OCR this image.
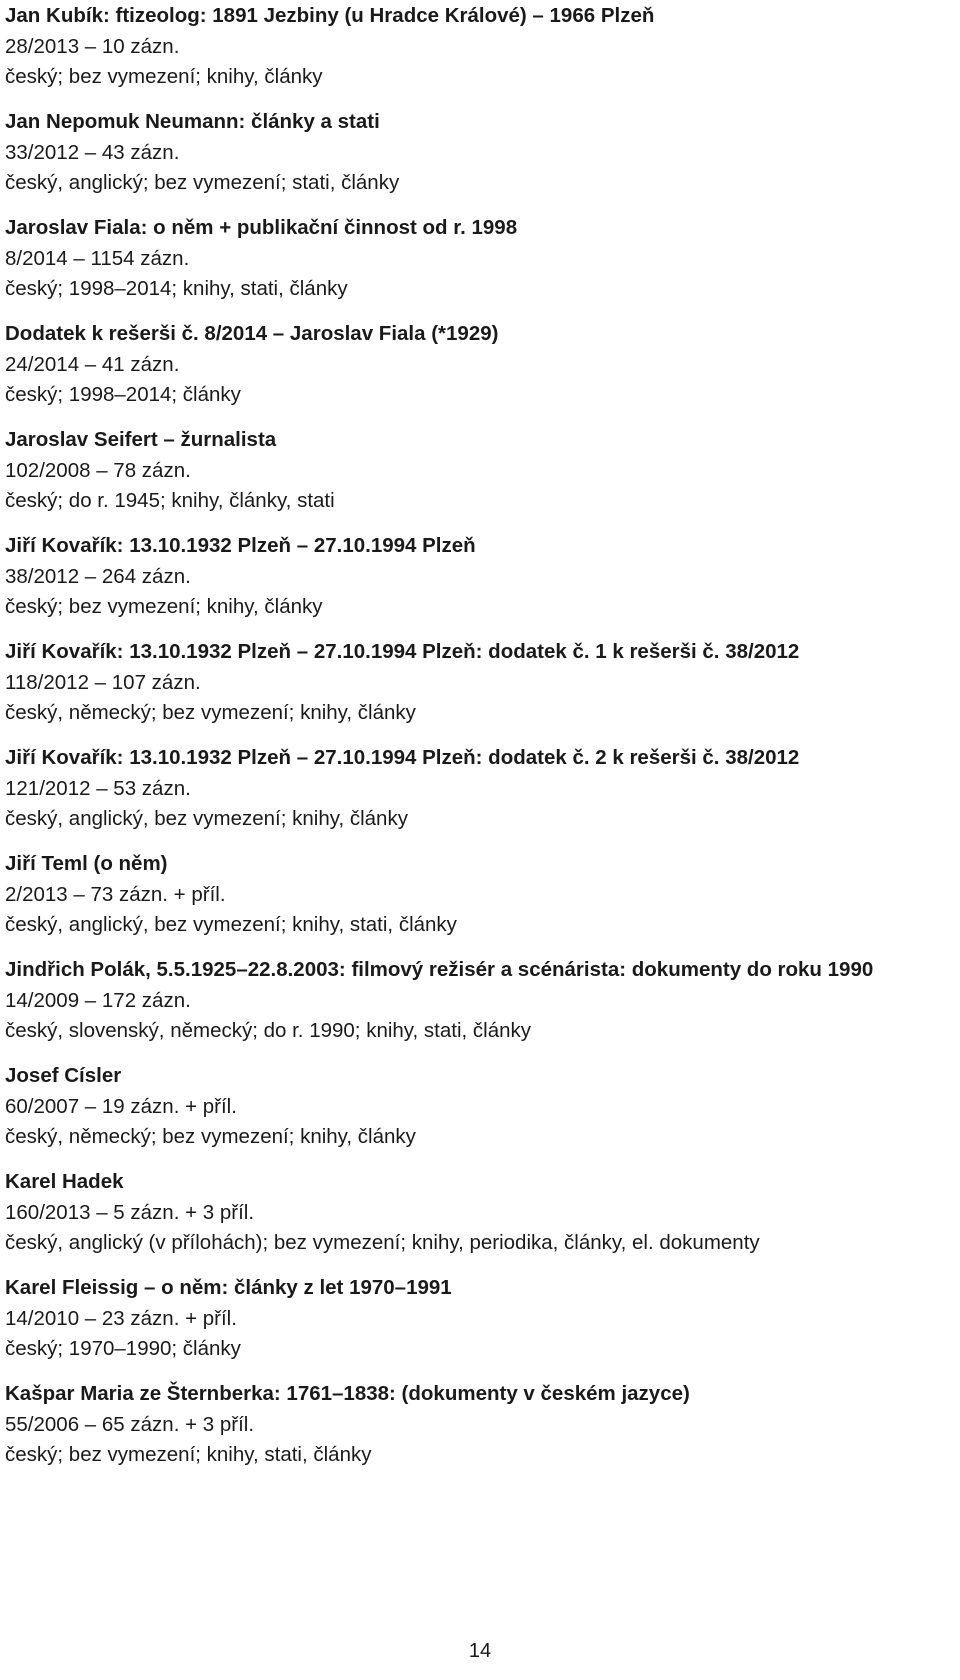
Jan Kubík: ftizeolog: 1891 Jezbiny (u Hradce Králové) – 1966 Plzeň

28/2013 – 10 zázn.

český; bez vymezení; knihy, články

Jan Nepomuk Neumann: články a stati

33/2012 – 43 zázn.

český, anglický; bez vymezení; stati, články

Jaroslav Fiala: o něm + publikační činnost od r. 1998

8/2014 – 1154 zázn.

český; 1998–2014; knihy, stati, články

Dodatek k rešerši č. 8/2014 – Jaroslav Fiala (*1929)

24/2014 – 41 zázn.

český; 1998–2014; články

Jaroslav Seifert – žurnalista

102/2008 – 78 zázn.

český; do r. 1945; knihy, články, stati

Jiří Kovařík: 13.10.1932 Plzeň – 27.10.1994 Plzeň

38/2012 – 264 zázn.

český; bez vymezení; knihy, články

Jiří Kovařík: 13.10.1932 Plzeň – 27.10.1994 Plzeň: dodatek č. 1 k rešerši č. 38/2012

118/2012 – 107 zázn.

český, německý; bez vymezení; knihy, články

Jiří Kovařík: 13.10.1932 Plzeň – 27.10.1994 Plzeň: dodatek č. 2 k rešerši č. 38/2012

121/2012 – 53 zázn.

český, anglický, bez vymezení; knihy, články

Jiří Teml (o něm)

2/2013 – 73 zázn. + příl.

český, anglický, bez vymezení; knihy, stati, články

Jindřich Polák, 5.5.1925–22.8.2003: filmový režisér a scénárista: dokumenty do roku 1990

14/2009 – 172 zázn.

český, slovenský, německý; do r. 1990; knihy, stati, články

Josef Císler

60/2007 – 19 zázn. + příl.

český, německý; bez vymezení; knihy, články

Karel Hadek

160/2013 – 5 zázn. + 3 příl.

český, anglický (v přílohách); bez vymezení; knihy, periodika, články, el. dokumenty

Karel Fleissig – o něm: články z let 1970–1991

14/2010 – 23 zázn. + příl.

český; 1970–1990; články

Kašpar Maria ze Šternberka: 1761–1838: (dokumenty v českém jazyce)

55/2006 – 65 zázn. + 3 příl.

český; bez vymezení; knihy, stati, články

14
